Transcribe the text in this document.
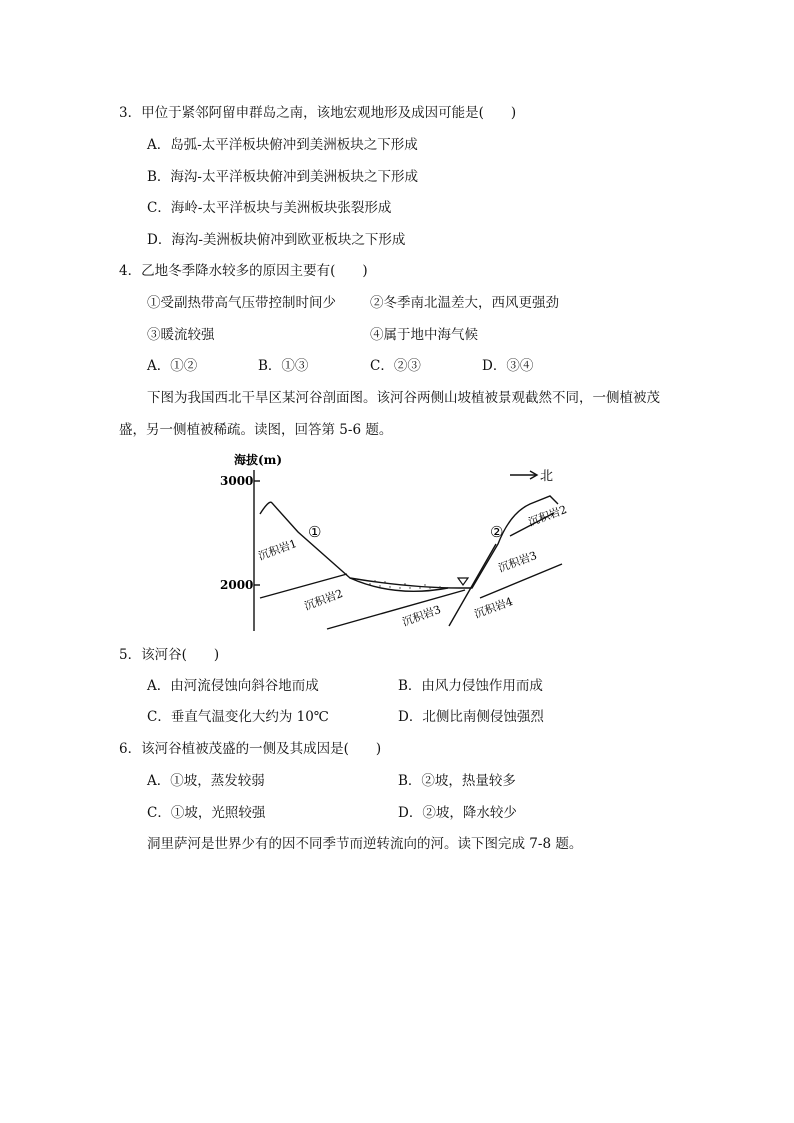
3．甲位于紧邻阿留申群岛之南，该地宏观地形及成因可能是(　　)
A．岛弧-太平洋板块俯冲到美洲板块之下形成
B．海沟-太平洋板块俯冲到美洲板块之下形成
C．海岭-太平洋板块与美洲板块张裂形成
D．海沟-美洲板块俯冲到欧亚板块之下形成
4．乙地冬季降水较多的原因主要有(　　)
①受副热带高气压带控制时间少	②冬季南北温差大，西风更强劲
③暖流较强	④属于地中海气候
A．①②	B．①③	C．②③	D．③④
下图为我国西北干旱区某河谷剖面图。该河谷两侧山坡植被景观截然不同，一侧植被茂
盛，另一侧植被稀疏。读图，回答第 5-6 题。
海拔(m)
3000
2000
北
①	②
沉积岩1
沉积岩2
沉积岩3	沉积岩4
沉积岩3
沉积岩2
5．该河谷(　　)
A．由河流侵蚀向斜谷地而成	B．由风力侵蚀作用而成
C．垂直气温变化大约为 10℃	D．北侧比南侧侵蚀强烈
6．该河谷植被茂盛的一侧及其成因是(　　)
A．①坡，蒸发较弱	B．②坡，热量较多
C．①坡，光照较强	D．②坡，降水较少
洞里萨河是世界少有的因不同季节而逆转流向的河。读下图完成 7-8 题。
